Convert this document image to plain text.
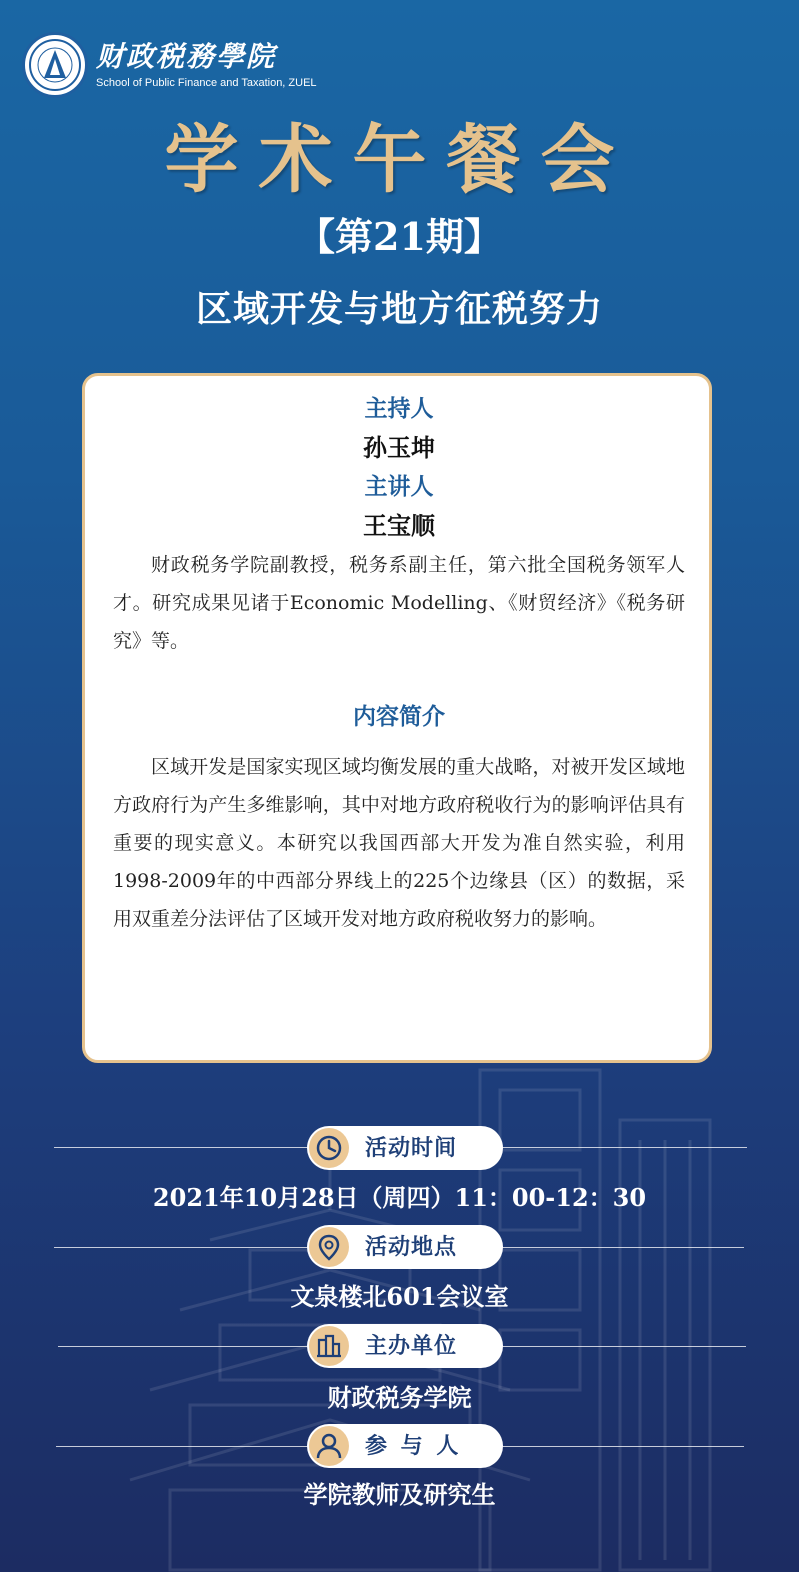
财政税務學院
School of Public Finance and Taxation, ZUEL
学术午餐会
【第21期】
区域开发与地方征税努力
主持人
孙玉坤
主讲人
王宝顺

财政税务学院副教授，税务系副主任，第六批全国税务领军人才。研究成果见诸于Economic Modelling、《财贸经济》《税务研究》等。

内容简介

区域开发是国家实现区域均衡发展的重大战略，对被开发区域地方政府行为产生多维影响，其中对地方政府税收行为的影响评估具有重要的现实意义。本研究以我国西部大开发为准自然实验，利用1998-2009年的中西部分界线上的225个边缘县（区）的数据，采用双重差分法评估了区域开发对地方政府税收努力的影响。

活动时间
2021年10月28日（周四）11：00-12：30
活动地点
文泉楼北601会议室
主办单位
财政税务学院
参 与 人
学院教师及研究生
